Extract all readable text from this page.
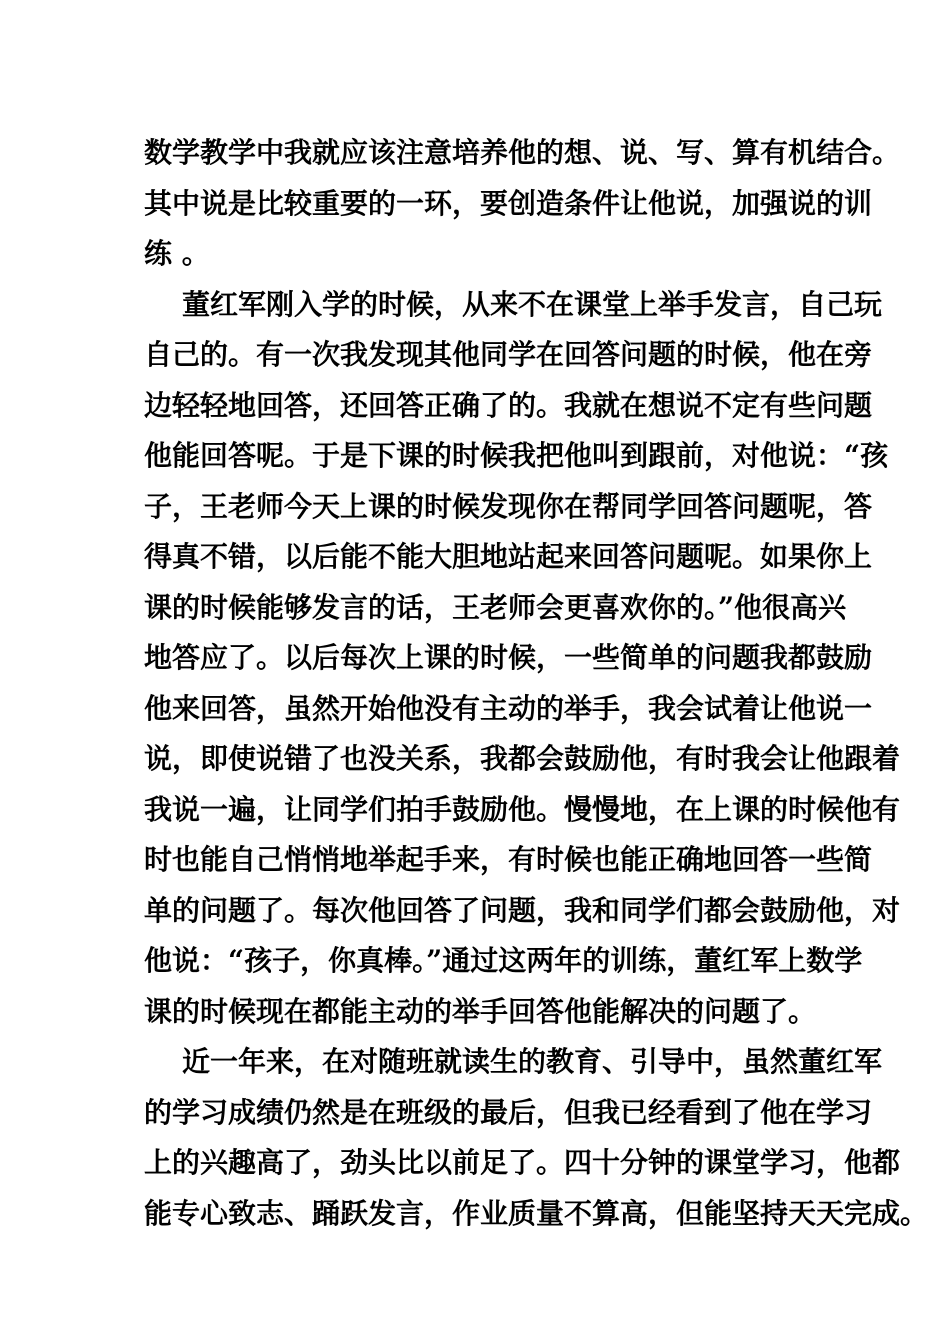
数学教学中我就应该注意培养他的想、说、写、算有机结合。
其中说是比较重要的一环，要创造条件让他说，加强说的训
练 。
董红军刚入学的时候，从来不在课堂上举手发言，自己玩
自己的。有一次我发现其他同学在回答问题的时候，他在旁
边轻轻地回答，还回答正确了的。我就在想说不定有些问题
他能回答呢。于是下课的时候我把他叫到跟前，对他说：“孩
子，王老师今天上课的时候发现你在帮同学回答问题呢，答
得真不错，以后能不能大胆地站起来回答问题呢。如果你上
课的时候能够发言的话，王老师会更喜欢你的。”他很高兴
地答应了。以后每次上课的时候，一些简单的问题我都鼓励
他来回答，虽然开始他没有主动的举手，我会试着让他说一
说，即使说错了也没关系，我都会鼓励他，有时我会让他跟着
我说一遍，让同学们拍手鼓励他。慢慢地，在上课的时候他有
时也能自己悄悄地举起手来，有时候也能正确地回答一些简
单的问题了。每次他回答了问题，我和同学们都会鼓励他，对
他说：“孩子，你真棒。”通过这两年的训练，董红军上数学
课的时候现在都能主动的举手回答他能解决的问题了。
近一年来，在对随班就读生的教育、引导中，虽然董红军
的学习成绩仍然是在班级的最后，但我已经看到了他在学习
上的兴趣高了，劲头比以前足了。四十分钟的课堂学习，他都
能专心致志、踊跃发言，作业质量不算高，但能坚持天天完成。
